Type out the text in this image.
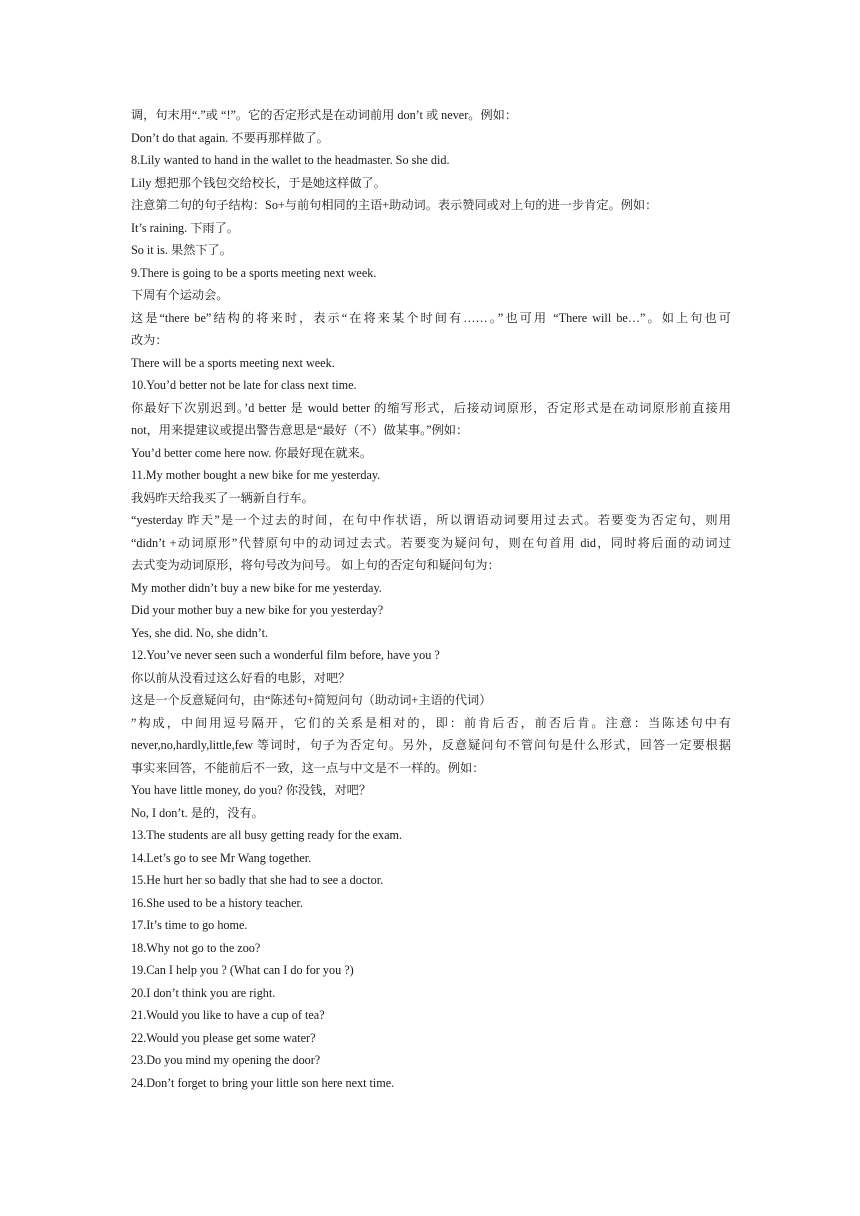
调，句末用“.”或 “!”。它的否定形式是在动词前用 don’t 或 never。例如：
Don’t do that again. 不要再那样做了。
8.Lily wanted to hand in the wallet to the headmaster. So she did.
Lily 想把那个钱包交给校长，于是她这样做了。
注意第二句的句子结构：So+与前句相同的主语+助动词。表示赞同或对上句的进一步肯定。例如：
It’s raining. 下雨了。
So it is. 果然下了。
9.There is going to be a sports meeting next week.
下周有个运动会。
这是“there be”结构的将来时，表示“在将来某个时间有……。”也可用 “There will be…”。如上句也可
改为：
There will be a sports meeting next week.
10.You’d better not be late for class next time.
你最好下次别迟到。’d better 是 would better 的缩写形式，后接动词原形，否定形式是在动词原形前直接用
not，用来提建议或提出警告意思是“最好（不）做某事。”例如：
You’d better come here now. 你最好现在就来。
11.My mother bought a new bike for me yesterday.
我妈昨天给我买了一辆新自行车。
“yesterday 昨天”是一个过去的时间，在句中作状语，所以谓语动词要用过去式。若要变为否定句，则用
“didn’t +动词原形”代替原句中的动词过去式。若要变为疑问句，则在句首用 did，同时将后面的动词过
去式变为动词原形，将句号改为问号。 如上句的否定句和疑问句为：
My mother didn’t buy a new bike for me yesterday.
Did your mother buy a new bike for you yesterday?
Yes, she did. No, she didn’t.
12.You’ve never seen such a wonderful film before, have you ?
你以前从没看过这么好看的电影，对吧？
这是一个反意疑问句，由“陈述句+简短问句（助动词+主语的代词）
”构成，中间用逗号隔开，它们的关系是相对的，即：前肯后否，前否后肯。注意：当陈述句中有
never,no,hardly,little,few 等词时，句子为否定句。另外，反意疑问句不管问句是什么形式，回答一定要根据
事实来回答，不能前后不一致，这一点与中文是不一样的。例如：
You have little money, do you? 你没钱，对吧？
No, I don’t. 是的，没有。
13.The students are all busy getting ready for the exam.
14.Let’s go to see Mr Wang together.
15.He hurt her so badly that she had to see a doctor.
16.She used to be a history teacher.
17.It’s time to go home.
18.Why not go to the zoo?
19.Can I help you ? (What can I do for you ?)
20.I don’t think you are right.
21.Would you like to have a cup of tea?
22.Would you please get some water?
23.Do you mind my opening the door?
24.Don’t forget to bring your little son here next time.
